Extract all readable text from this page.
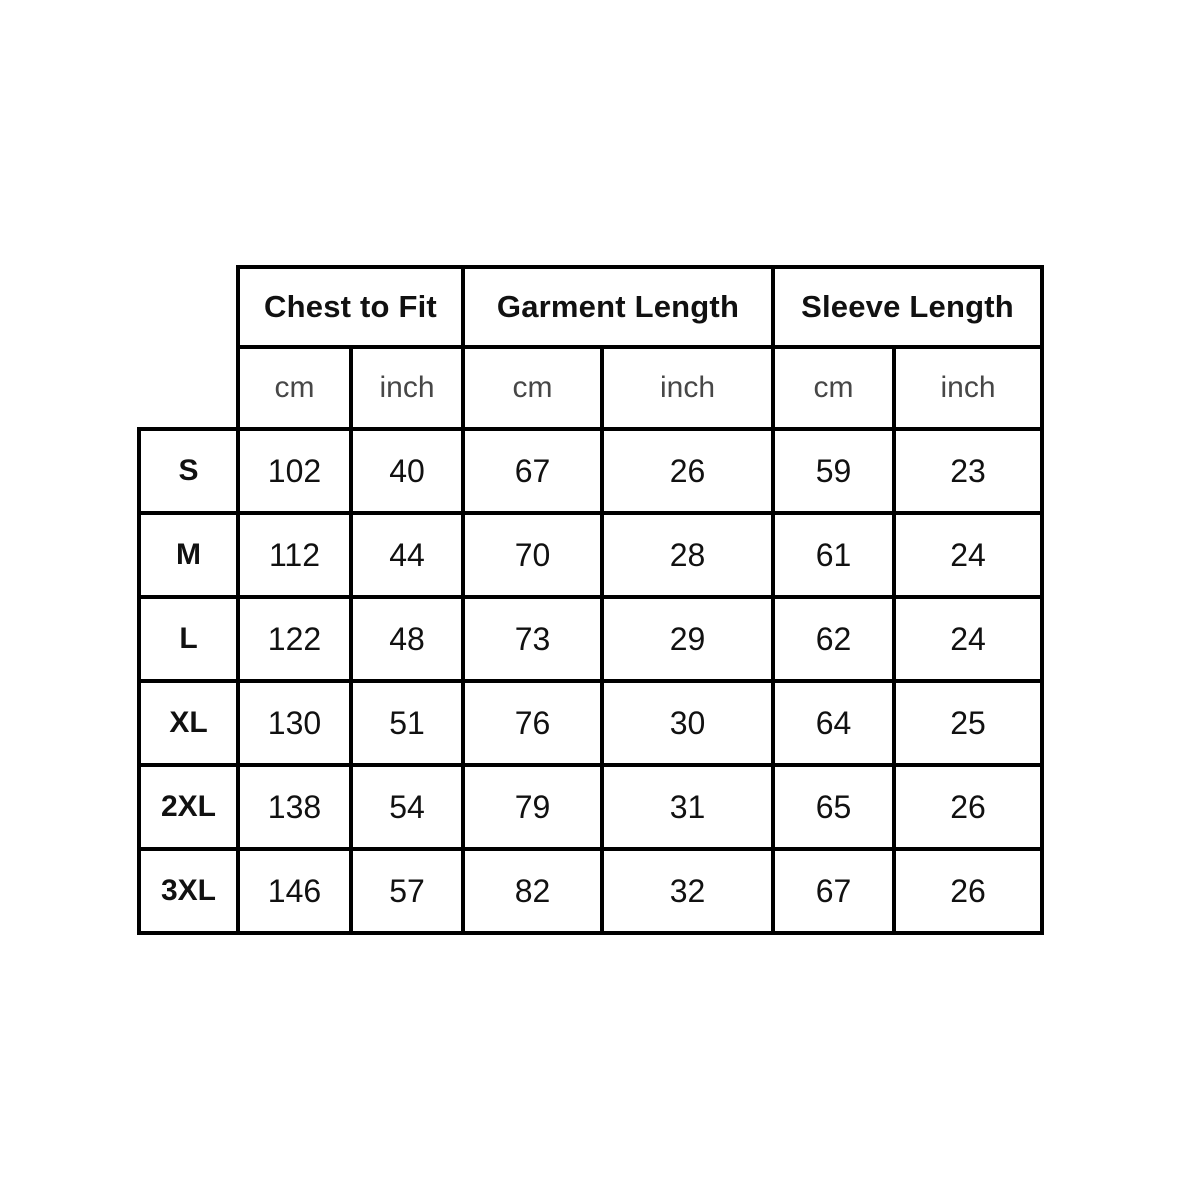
	Chest to Fit		Garment Length		Sleeve Length	
	cm	inch	cm	inch	cm	inch
S	102	40	67	26	59	23
M	112	44	70	28	61	24
L	122	48	73	29	62	24
XL	130	51	76	30	64	25
2XL	138	54	79	31	65	26
3XL	146	57	82	32	67	26
